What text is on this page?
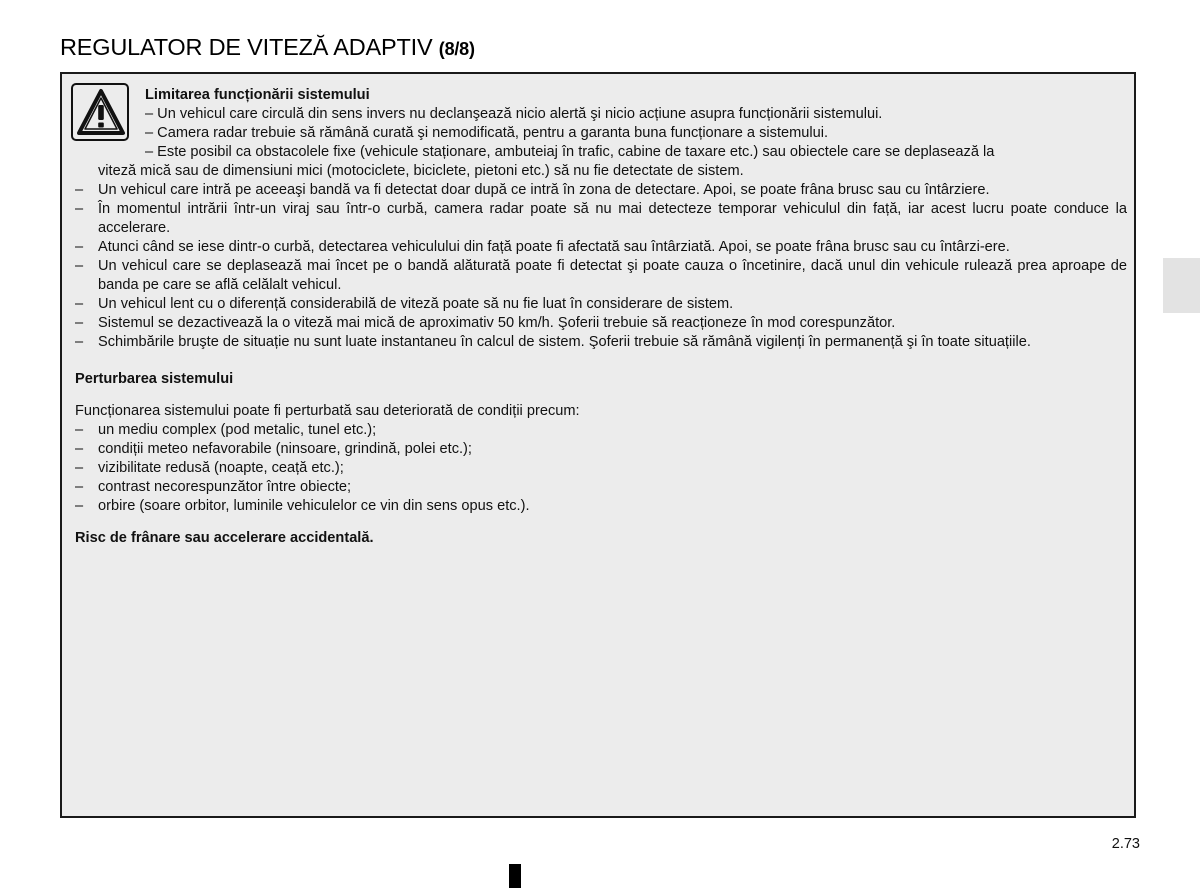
REGULATOR DE VITEZĂ ADAPTIV (8/8)

Limitarea funcționării sistemului

– Un vehicul care circulă din sens invers nu declanşează nicio alertă şi nicio acțiune asupra funcționării sistemului.

– Camera radar trebuie să rămână curată şi nemodificată, pentru a garanta buna funcționare a sistemului.

– Este posibil ca obstacolele fixe (vehicule staționare, ambuteiaj în trafic, cabine de taxare etc.) sau obiectele care se deplasează la

viteză mică sau de dimensiuni mici (motociclete, biciclete, pietoni etc.) să nu fie detectate de sistem.

– Un vehicul care intră pe aceeaşi bandă va fi detectat doar după ce intră în zona de detectare. Apoi, se poate frâna brusc sau cu întârziere.
– În momentul intrării într-un viraj sau într-o curbă, camera radar poate să nu mai detecteze temporar vehiculul din față, iar acest lucru poate conduce la accelerare.
– Atunci când se iese dintr-o curbă, detectarea vehiculului din față poate fi afectată sau întârziată. Apoi, se poate frâna brusc sau cu întârzi-ere.
– Un vehicul care se deplasează mai încet pe o bandă alăturată poate fi detectat şi poate cauza o încetinire, dacă unul din vehicule rulează prea aproape de banda pe care se află celălalt vehicul.
– Un vehicul lent cu o diferență considerabilă de viteză poate să nu fie luat în considerare de sistem.
– Sistemul se dezactivează la o viteză mai mică de aproximativ 50 km/h. Şoferii trebuie să reacționeze în mod corespunzător.
– Schimbările bruşte de situație nu sunt luate instantaneu în calcul de sistem. Şoferii trebuie să rămână vigilenți în permanență şi în toate situațiile.

Perturbarea sistemului

Funcționarea sistemului poate fi perturbată sau deteriorată de condiții precum:

– un mediu complex (pod metalic, tunel etc.);
– condiții meteo nefavorabile (ninsoare, grindină, polei etc.);
– vizibilitate redusă (noapte, ceață etc.);
– contrast necorespunzător între obiecte;
– orbire (soare orbitor, luminile vehiculelor ce vin din sens opus etc.).

Risc de frânare sau accelerare accidentală.

2.73
